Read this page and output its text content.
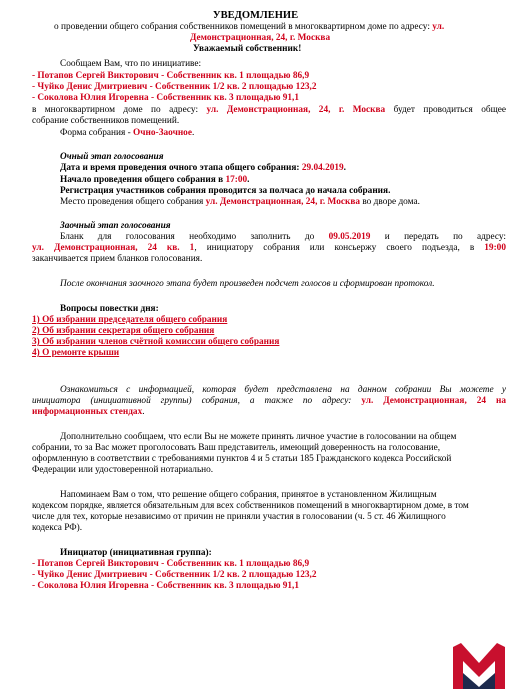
УВЕДОМЛЕНИЕ
о проведении общего собрания собственников помещений в многоквартирном доме по адресу: ул.
Демонстрационная, 24, г. Москва
Уважаемый собственник!
Сообщаем Вам, что по инициативе:
- Потапов Сергей Викторович - Собственник кв. 1 площадью 86,9
- Чуйко Денис Дмитриевич - Собственник 1/2 кв. 2 площадью 123,2
- Соколова Юлия Игоревна - Собственник кв. 3 площадью 91,1
в многоквартирном доме по адресу: ул. Демонстрационная, 24, г. Москва будет проводиться общее
собрание собственников помещений.
Форма собрания - Очно-Заочное.
Очный этап голосования
Дата и время проведения очного этапа общего собрания: 29.04.2019.
Начало проведения общего собрания в 17:00.
Регистрация участников собрания проводится за полчаса до начала собрания.
Место проведения общего собрания ул. Демонстрационная, 24, г. Москва во дворе дома.
Заочный этап голосования
Бланк для голосования необходимо заполнить до 09.05.2019 и передать по адресу:
ул. Демонстрационная, 24 кв. 1, инициатору собрания или консьержу своего подъезда, в 19:00
заканчивается прием бланков голосования.
После окончания заочного этапа будет произведен подсчет голосов и сформирован протокол.
Вопросы повестки дня:
1) Об избрании председателя общего собрания
2) Об избрании секретаря общего собрания
3) Об избрании членов счётной комиссии общего собрания
4) О ремонте крыши
Ознакомиться с информацией, которая будет представлена на данном собрании Вы можете у
инициатора (инициативной группы) собрания, а также по адресу: ул. Демонстрационная, 24 на
информационных стендах.
Дополнительно сообщаем, что если Вы не можете принять личное участие в голосовании на общем
собрании, то за Вас может проголосовать Ваш представитель, имеющий доверенность на голосование,
оформленную в соответствии с требованиями пунктов 4 и 5 статьи 185 Гражданского кодекса Российской
Федерации или удостоверенной нотариально.
Напоминаем Вам о том, что решение общего собрания, принятое в установленном Жилищным
кодексом порядке, является обязательным для всех собственников помещений в многоквартирном доме, в том
числе для тех, которые независимо от причин не приняли участия в голосовании (ч. 5 ст. 46 Жилищного
кодекса РФ).
Инициатор (инициативная группа):
- Потапов Сергей Викторович - Собственник кв. 1 площадью 86,9
- Чуйко Денис Дмитриевич - Собственник 1/2 кв. 2 площадью 123,2
- Соколова Юлия Игоревна - Собственник кв. 3 площадью 91,1
